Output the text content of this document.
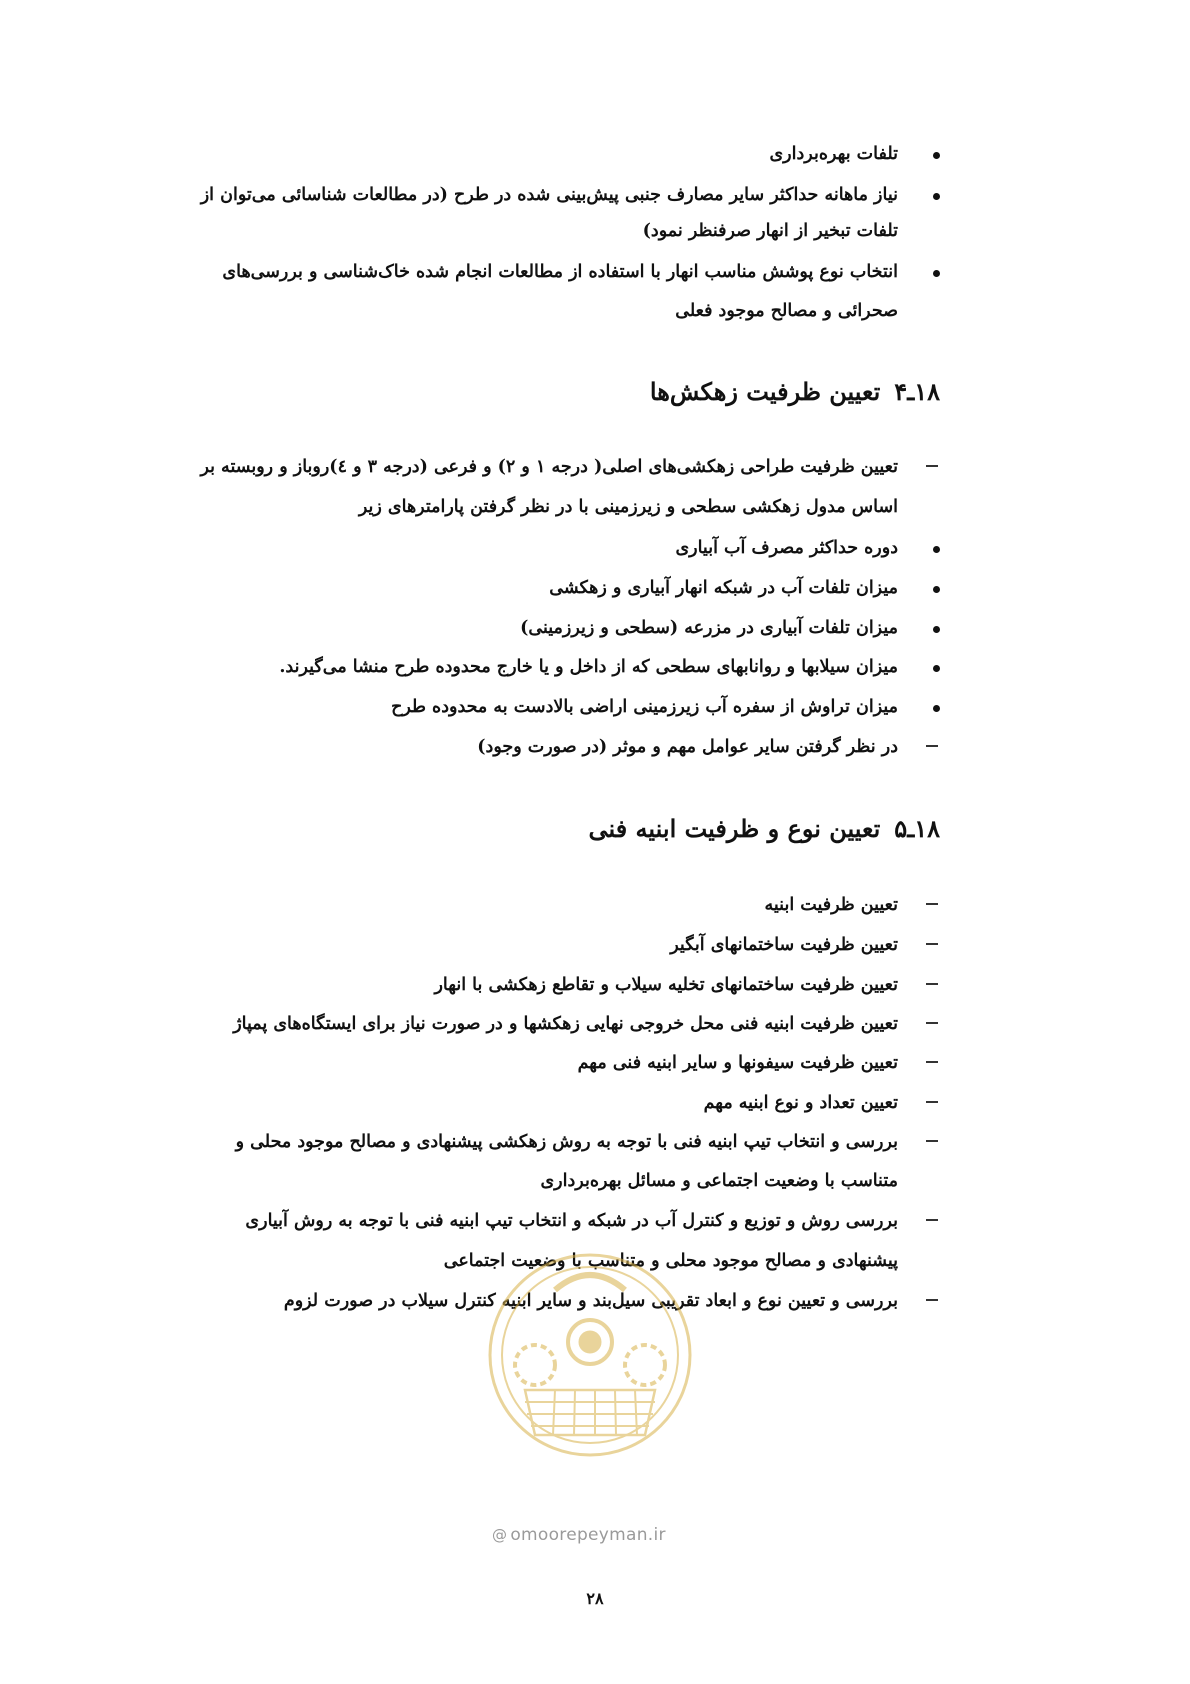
تلفات بهره‌برداری
نیاز ماهانه حداکثر سایر مصارف جنبی پیش‌بینی شده در طرح (در مطالعات شناسائی می‌توان از
تلفات تبخیر از انهار صرفنظر نمود)
انتخاب نوع پوشش مناسب انهار با استفاده از مطالعات انجام شده خاک‌شناسی و بررسی‌های
صحرائی و مصالح موجود فعلی
۱۸ـ۴تعیین ظرفیت زهکش‌ها
تعیین ظرفیت طراحی زهکشی‌های اصلی( درجه ۱ و ۲) و فرعی (درجه ۳ و ٤)روباز و روبسته بر
اساس مدول زهکشی سطحی و زیرزمینی با در نظر گرفتن پارامترهای زیر
دوره حداکثر مصرف آب آبیاری
میزان تلفات آب در شبکه انهار آبیاری و زهکشی
میزان تلفات آبیاری در مزرعه (سطحی و زیرزمینی)
میزان سیلابها و روانابهای سطحی که از داخل و یا خارج محدوده طرح منشا می‌گیرند.
میزان تراوش از سفره آب زیرزمینی اراضی بالادست به محدوده طرح
در نظر گرفتن سایر عوامل مهم و موثر (در صورت وجود)
۱۸ـ۵تعیین نوع و ظرفیت ابنیه فنی
تعیین ظرفیت ابنیه
تعیین ظرفیت ساختمانهای آبگیر
تعیین ظرفیت ساختمانهای تخلیه سیلاب و تقاطع زهکشی با انهار
تعیین ظرفیت ابنیه فنی محل خروجی نهایی زهکشها و در صورت نیاز برای ایستگاه‌های پمپاژ
تعیین ظرفیت سیفونها و سایر ابنیه فنی مهم
تعیین تعداد و نوع ابنیه مهم
بررسی و انتخاب تیپ ابنیه فنی با توجه به روش زهکشی پیشنهادی و مصالح موجود محلی و
متناسب با وضعیت اجتماعی و مسائل بهره‌برداری
بررسی روش و توزیع و کنترل آب در شبکه و انتخاب تیپ ابنیه فنی با توجه به روش آبیاری
پیشنهادی و مصالح موجود محلی و متناسب با وضعیت اجتماعی
بررسی و تعیین نوع و ابعاد تقریبی سیل‌بند و سایر ابنیه کنترل سیلاب در صورت لزوم
@ omoorepeyman.ir
۲۸
